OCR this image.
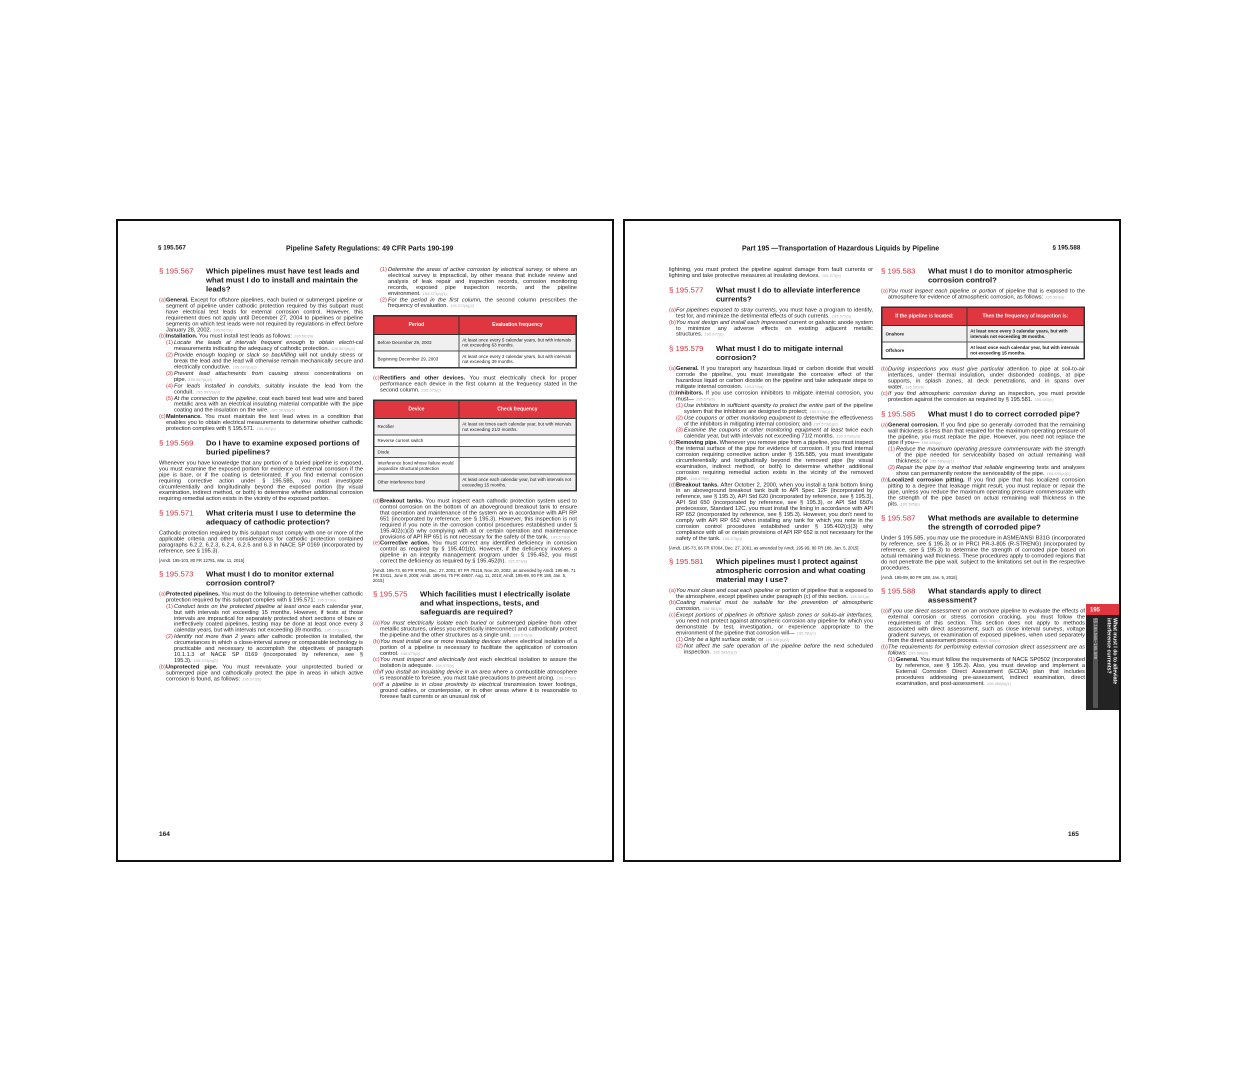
§ 195.567	Pipeline Safety Regulations: 49 CFR Parts 190-199
§ 195.567 Which pipelines must have test leads and what must I do to install and maintain the leads?
(a) General. Except for offshore pipelines, each buried or submerged pipeline or segment of pipeline under cathodic protection required by this subpart must have electrical test leads for external corrosion control. However, this requirement does not apply until December 27, 2004 to pipelines or pipeline segments on which test leads were not required by regulations in effect before January 28, 2002. 195.567(a)
(b) Installation. You must install test leads as follows: 195.567(b)
(1) Locate the leads at intervals frequent enough to obtain electri-cal measurements indicating the adequacy of cathodic protection. 195.567(b)(1)
(2) Provide enough looping or slack so backfilling will not unduly stress or break the lead and the lead will otherwise remain mechanically secure and electrically conductive. 195.567(b)(2)
(3) Prevent lead attachments from causing stress concentrations on pipe. 195.567(b)(3)
(4) For leads installed in conduits, suitably insulate the lead from the conduit. 195.567(b)(4)
(5) At the connection to the pipeline, coat each bared test lead wire and bared metallic area with an electrical insulating material compatible with the pipe coating and the insulation on the wire. 195.567(b)(5)
(c) Maintenance. You must maintain the test lead wires in a condition that enables you to obtain electrical measurements to determine whether cathodic protection complies with § 195.571. 195.567(c)
§ 195.569 Do I have to examine exposed portions of buried pipelines?
Whenever you have knowledge that any portion of a buried pipeline is exposed, you must examine the exposed portion for evidence of external corrosion if the pipe is bare, or if the coating is deteriorated. If you find external corrosion requiring corrective action under § 195.585, you must investigate circumferentially and longitudinally beyond the exposed portion (by visual examination, indirect method, or both) to determine whether additional corrosion requiring remedial action exists in the vicinity of the exposed portion.
§ 195.571 What criteria must I use to determine the adequacy of cathodic protection?
Cathodic protection required by this subpart must comply with one or more of the applicable criteria and other considerations for cathodic protection contained paragraphs 6.2.2, 6.2.3, 6.2.4, 6.2.5 and 6.3 in NACE SP 0169 (incorporated by reference, see § 195.3).
[Amdt. 195-103, 80 FR 12781, Mar. 11, 2015]
§ 195.573 What must I do to monitor external corrosion control?
(a) Protected pipelines. You must do the following to determine whether cathodic protection required by this subpart complies with § 195.571: 195.573(a)
(1) Conduct tests on the protected pipeline at least once each calendar year, but with intervals not exceeding 15 months. However, if tests at those intervals are impractical for separately protected short sections of bare or ineffectively coated pipelines, testing may be done at least once every 3 calendar years, but with intervals not exceeding 39 months. 195.573(a)(1)
(2) Identify not more than 2 years after cathodic protection is installed, the circumstances in which a close-interval survey or comparable technology is practicable and necessary to accomplish the objectives of paragraph 10.1.1.3 of NACE SP 0169 (incorporated by reference, see § 195.3). 195.573(a)(2)
(b) Unprotected pipe. You must reevaluate your unprotected buried or submerged pipe and cathodically protect the pipe in areas in which active corrosion is found, as follows: 195.573(b)
(1) Determine the areas of active corrosion by electrical survey, or where an electrical survey is impractical, by other means that include review and analysis of leak repair and inspection records, corrosion monitoring records, exposed pipe inspection records, and the pipeline environment. 195.573(b)(1)
(2) For the period in the first column, the second column prescribes the frequency of evaluation. 195.573(b)(2)
Period	Evaluation frequency
Before December 29, 2003	At least once every 5 calendar years, but with intervals not exceeding 63 months.
Beginning December 29, 2003	At least once every 3 calendar years, but with intervals not exceeding 39 months.
(c) Rectifiers and other devices. You must electrically check for proper performance each device in the first column at the frequency stated in the second column. 195.573(c)
Device	Check frequency
Rectifier	At least six times each calendar year, but with intervals not exceeding 21/2 months.
Reverse current switch	
Diode	
Interference bond whose failure would jeopardize structural protection	
Other interference bond	At least once each calendar year, but with intervals not exceeding 15 months.
(d) Breakout tanks. You must inspect each cathodic protection system used to control corrosion on the bottom of an aboveground breakout tank to ensure that operation and maintenance of the system are in accordance with API RP 651 (incorporated by reference, see § 195.3). However, this inspection is not required if you note in the corrosion control procedures established under § 195.402(c)(3) why complying with all or certain operation and maintenance provisions of API RP 651 is not necessary for the safety of the tank. 195.573(d)
(e) Corrective action. You must correct any identified deficiency in corrosion control as required by § 195.401(b). However, if the deficiency involves a pipeline in an integrity management program under § 195.452, you must correct the deficiency as required by § 195.452(h). 195.573(e)
[Amdt. 195-73, 66 FR 67004, Dec. 27, 2001; 67 FR 70118, Nov. 20, 2002, as amended by Amdt. 195-86, 71 FR 33411, June 9, 2006; Amdt. 195-94, 75 FR 48607, Aug. 11, 2010; Amdt. 195-99, 80 FR 188, Jan. 5, 2015]
§ 195.575 Which facilities must I electrically isolate and what inspections, tests, and safeguards are required?
(a) You must electrically isolate each buried or submerged pipeline from other metallic structures, unless you electrically interconnect and cathodically protect the pipeline and the other structures as a single unit. 195.575(a)
(b) You must install one or more insulating devices where electrical isolation of a portion of a pipeline is necessary to facilitate the application of corrosion control. 195.575(b)
(c) You must inspect and electrically test each electrical isolation to assure the isolation is adequate. 195.575(c)
(d) If you install an insulating device in an area where a combustible atmosphere is reasonable to foresee, you must take precautions to prevent arcing. 195.575(d)
(e) If a pipeline is in close proximity to electrical transmission tower footings, ground cables, or counterpoise, or in other areas where it is reasonable to foresee fault currents or an unusual risk of
164
Part 195 —Transportation of Hazardous Liquids by Pipeline	§ 195.588
lightning, you must protect the pipeline against damage from fault currents or lightning and take protective measures at insulating devices. 195.575(e)
§ 195.577 What must I do to alleviate interference currents?
(a) For pipelines exposed to stray currents, you must have a program to identify, test for, and minimize the detrimental effects of such currents. 195.577(a)
(b) You must design and install each impressed current or galvanic anode system to minimize any adverse effects on existing adjacent metallic structures. 195.577(b)
§ 195.579 What must I do to mitigate internal corrosion?
(a) General. If you transport any hazardous liquid or carbon dioxide that would corrode the pipeline, you must investigate the corrosive effect of the hazardous liquid or carbon dioxide on the pipeline and take adequate steps to mitigate internal corrosion. 195.579(a)
(b) Inhibitors. If you use corrosion inhibitors to mitigate internal corrosion, you must— 195.579(b)
(1) Use inhibitors in sufficient quantity to protect the entire part of the pipeline system that the inhibitors are designed to protect; 195.579(b)(1)
(2) Use coupons or other monitoring equipment to determine the effectiveness of the inhibitors in mitigating internal corrosion; and 195.579(b)(2)
(3) Examine the coupons or other monitoring equipment at least twice each calendar year, but with intervals not exceeding 71/2 months. 195.579(b)(3)
(c) Removing pipe. Whenever you remove pipe from a pipeline, you must inspect the internal surface of the pipe for evidence of corrosion. If you find internal corrosion requiring corrective action under § 195.585, you must investigate circumferentially and longitudinally beyond the removed pipe (by visual examination, indirect method, or both) to determine whether additional corrosion requiring remedial action exists in the vicinity of the removed pipe. 195.579(c)
(d) Breakout tanks. After October 2, 2000, when you install a tank bottom lining in an aboveground breakout tank built to API Spec 12F (incorporated by reference, see § 195.3), API Std 620 (incorporated by reference, see § 195.3), API Std 650 (incorporated by reference, see § 195.3), or API Std 650's predecessor, Standard 12C, you must install the lining in accordance with API RP 652 (incorporated by reference, see § 195.3). However, you don't need to comply with API RP 652 when installing any tank for which you note in the corrosion control procedures established under § 195.402(c)(3) why compliance with all or certain provisions of API RP 652 is not necessary for the safety of the tank. 195.579(d)
[Amdt. 195-73, 66 FR 67004, Dec. 27, 2001, as amended by Amdt. 195-99, 80 FR 188, Jan. 5, 2015]
§ 195.581 Which pipelines must I protect against atmospheric corrosion and what coating material may I use?
(a) You must clean and coat each pipeline or portion of pipeline that is exposed to the atmosphere, except pipelines under paragraph (c) of this section. 195.581(a)
(b) Coating material must be suitable for the prevention of atmospheric corrosion. 195.581(b)
(c) Except portions of pipelines in offshore splash zones or soil-to-air interfaces, you need not protect against atmospheric corrosion any pipeline for which you demonstrate by test, investigation, or experience appropriate to the environment of the pipeline that corrosion will— 195.581(c)
(1) Only be a light surface oxide; or 195.581(c)(1)
(2) Not affect the safe operation of the pipeline before the next scheduled inspection. 195.581(c)(2)
§ 195.583 What must I do to monitor atmospheric corrosion control?
(a) You must inspect each pipeline or portion of pipeline that is exposed to the atmosphere for evidence of atmospheric corrosion, as follows: 195.583(a)
If the pipeline is located:	Then the frequency of inspection is:
Onshore	At least once every 3 calendar years, but with intervals not exceeding 39 months.
Offshore	At least once each calendar year, but with intervals not exceeding 15 months.
(b) During inspections you must give particular attention to pipe at soil-to-air interfaces, under thermal insulation, under disbonded coatings, at pipe supports, in splash zones, at deck penetrations, and in spans over water. 195.583(b)
(c) If you find atmospheric corrosion during an inspection, you must provide protection against the corrosion as required by § 195.581. 195.583(c)
§ 195.585 What must I do to correct corroded pipe?
(a) General corrosion. If you find pipe so generally corroded that the remaining wall thickness is less than that required for the maximum operating pressure of the pipeline, you must replace the pipe. However, you need not replace the pipe if you— 195.585(a)
(1) Reduce the maximum operating pressure commensurate with the strength of the pipe needed for serviceability based on actual remaining wall thickness; or 195.585(a)(1)
(2) Repair the pipe by a method that reliable engineering tests and analyses show can permanently restore the serviceability of the pipe. 195.585(a)(2)
(b) Localized corrosion pitting. If you find pipe that has localized corrosion pitting to a degree that leakage might result, you must replace or repair the pipe, unless you reduce the maximum operating pressure commensurate with the strength of the pipe based on actual remaining wall thickness in the pits. 195.585(b)
§ 195.587 What methods are available to determine the strength of corroded pipe?
Under § 195.585, you may use the procedure in ASME/ANSI B31G (incorporated by reference, see § 195.3) or in PRCI PR-3-805 (R-STRENG) (incorporated by reference, see § 195.3) to determine the strength of corroded pipe based on actual remaining wall thickness. These procedures apply to corroded regions that do not penetrate the pipe wall, subject to the limitations set out in the respective procedures.
[Amdt. 195-99, 80 FR 188, Jan. 5, 2015]
§ 195.588 What standards apply to direct assessment?
(a) If you use direct assessment on an onshore pipeline to evaluate the effects of external corrosion or stress corrosion cracking, you must follow the requirements of this section. This section does not apply to methods associated with direct assessment, such as close interval surveys, voltage gradient surveys, or examination of exposed pipelines, when used separately from the direct assessment process. 195.588(a)
(b) The requirements for performing external corrosion direct assessment are as follows: 195.588(b)
(1) General. You must follow the requirements of NACE SP0502 (incorporated by reference, see § 195.3). Also, you must develop and implement a External Corrosion Direct Assessment (ECDA) plan that includes procedures addressing pre-assessment, indirect examination, direct examination, and post-assessment. 195.588(b)(1)
165
195
What must I do to alleviate interference currents?
§§ 195.565–195.588
